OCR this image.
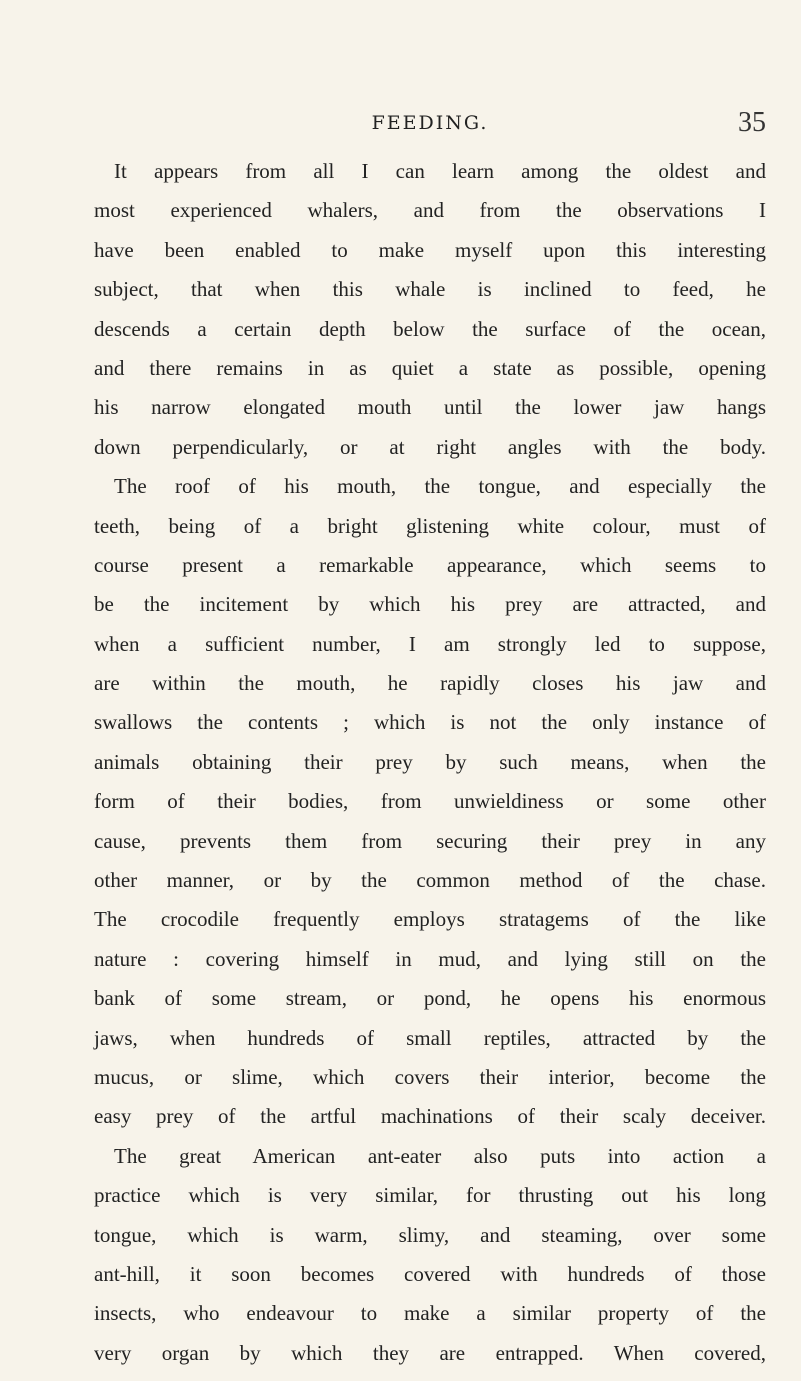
FEEDING.	35
It appears from all I can learn among the oldest and
most experienced whalers, and from the observations I
have been enabled to make myself upon this interesting
subject, that when this whale is inclined to feed, he
descends a certain depth below the surface of the ocean,
and there remains in as quiet a state as possible, opening
his narrow elongated mouth until the lower jaw hangs
down perpendicularly, or at right angles with the body.
The roof of his mouth, the tongue, and especially the
teeth, being of a bright glistening white colour, must of
course present a remarkable appearance, which seems to
be the incitement by which his prey are attracted, and
when a sufficient number, I am strongly led to suppose,
are within the mouth, he rapidly closes his jaw and
swallows the contents ; which is not the only instance of
animals obtaining their prey by such means, when the
form of their bodies, from unwieldiness or some other
cause, prevents them from securing their prey in any
other manner, or by the common method of the chase.
The crocodile frequently employs stratagems of the like
nature : covering himself in mud, and lying still on the
bank of some stream, or pond, he opens his enormous
jaws, when hundreds of small reptiles, attracted by the
mucus, or slime, which covers their interior, become the
easy prey of the artful machinations of their scaly deceiver.
The great American ant-eater also puts into action a
practice which is very similar, for thrusting out his long
tongue, which is warm, slimy, and steaming, over some
ant-hill, it soon becomes covered with hundreds of those
insects, who endeavour to make a similar property of the
very organ by which they are entrapped. When covered,
